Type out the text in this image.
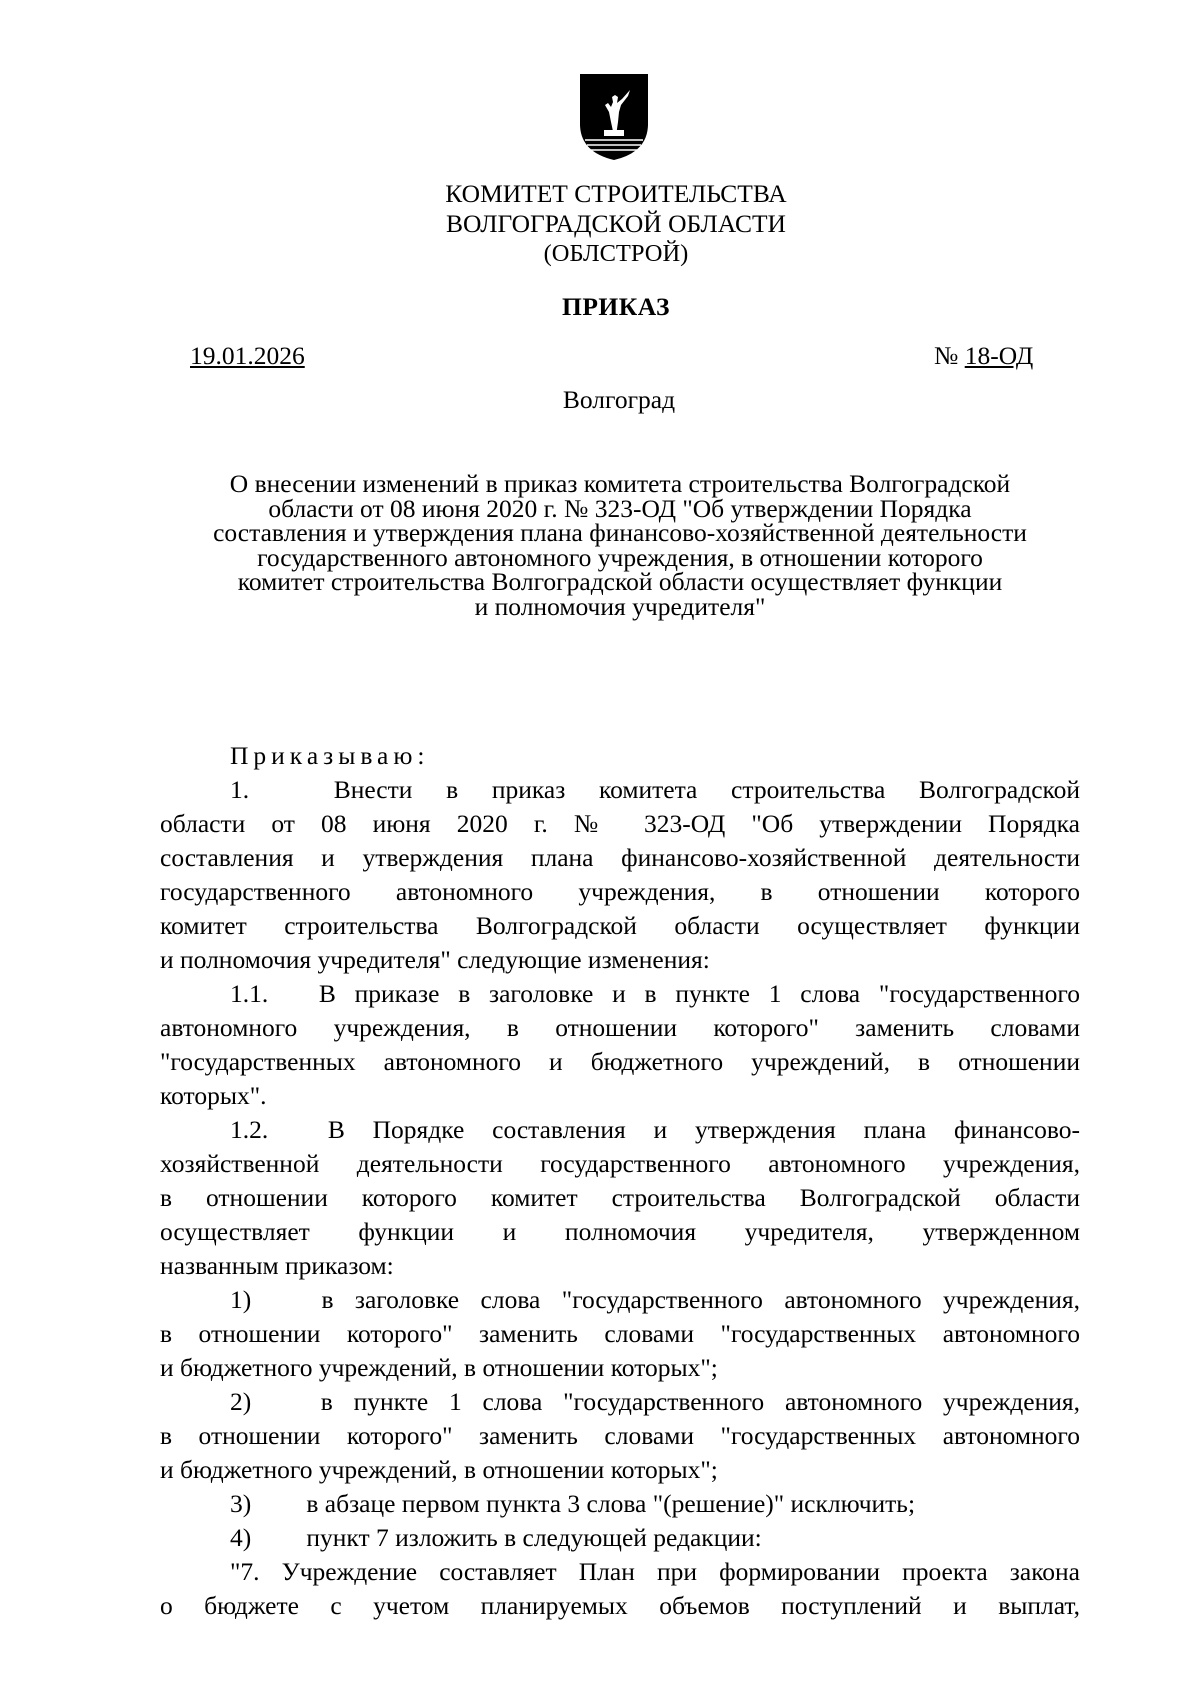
КОМИТЕТ СТРОИТЕЛЬСТВА
ВОЛГОГРАДСКОЙ ОБЛАСТИ
(ОБЛСТРОЙ)
ПРИКАЗ
19.01.2026	№ 18-ОД
Волгоград
О внесении изменений в приказ комитета строительства Волгоградской
области от 08 июня 2020 г. № 323-ОД "Об утверждении Порядка
составления и утверждения плана финансово-хозяйственной деятельности
государственного автономного учреждения, в отношении которого
комитет строительства Волгоградской области осуществляет функции
и полномочия учредителя"
Приказываю:
1.	Внести в приказ комитета строительства Волгоградской
области от 08 июня 2020 г. № 323-ОД "Об утверждении Порядка
составления и утверждения плана финансово-хозяйственной деятельности
государственного автономного учреждения, в отношении которого
комитет строительства Волгоградской области осуществляет функции
и полномочия учредителя" следующие изменения:
1.1. В приказе в заголовке и в пункте 1 слова "государственного
автономного учреждения, в отношении которого" заменить словами
"государственных автономного и бюджетного учреждений, в отношении
которых".
1.2. В Порядке составления и утверждения плана финансово-
хозяйственной деятельности государственного автономного учреждения,
в отношении которого комитет строительства Волгоградской области
осуществляет функции и полномочия учредителя, утвержденном
названным приказом:
1)	в заголовке слова "государственного автономного учреждения,
в отношении которого" заменить словами "государственных автономного
и бюджетного учреждений, в отношении которых";
2)	в пункте 1 слова "государственного автономного учреждения,
в отношении которого" заменить словами "государственных автономного
и бюджетного учреждений, в отношении которых";
3) в абзаце первом пункта 3 слова "(решение)" исключить;
4) пункт 7 изложить в следующей редакции:
"7. Учреждение составляет План при формировании проекта закона
о бюджете с учетом планируемых объемов поступлений и выплат,
